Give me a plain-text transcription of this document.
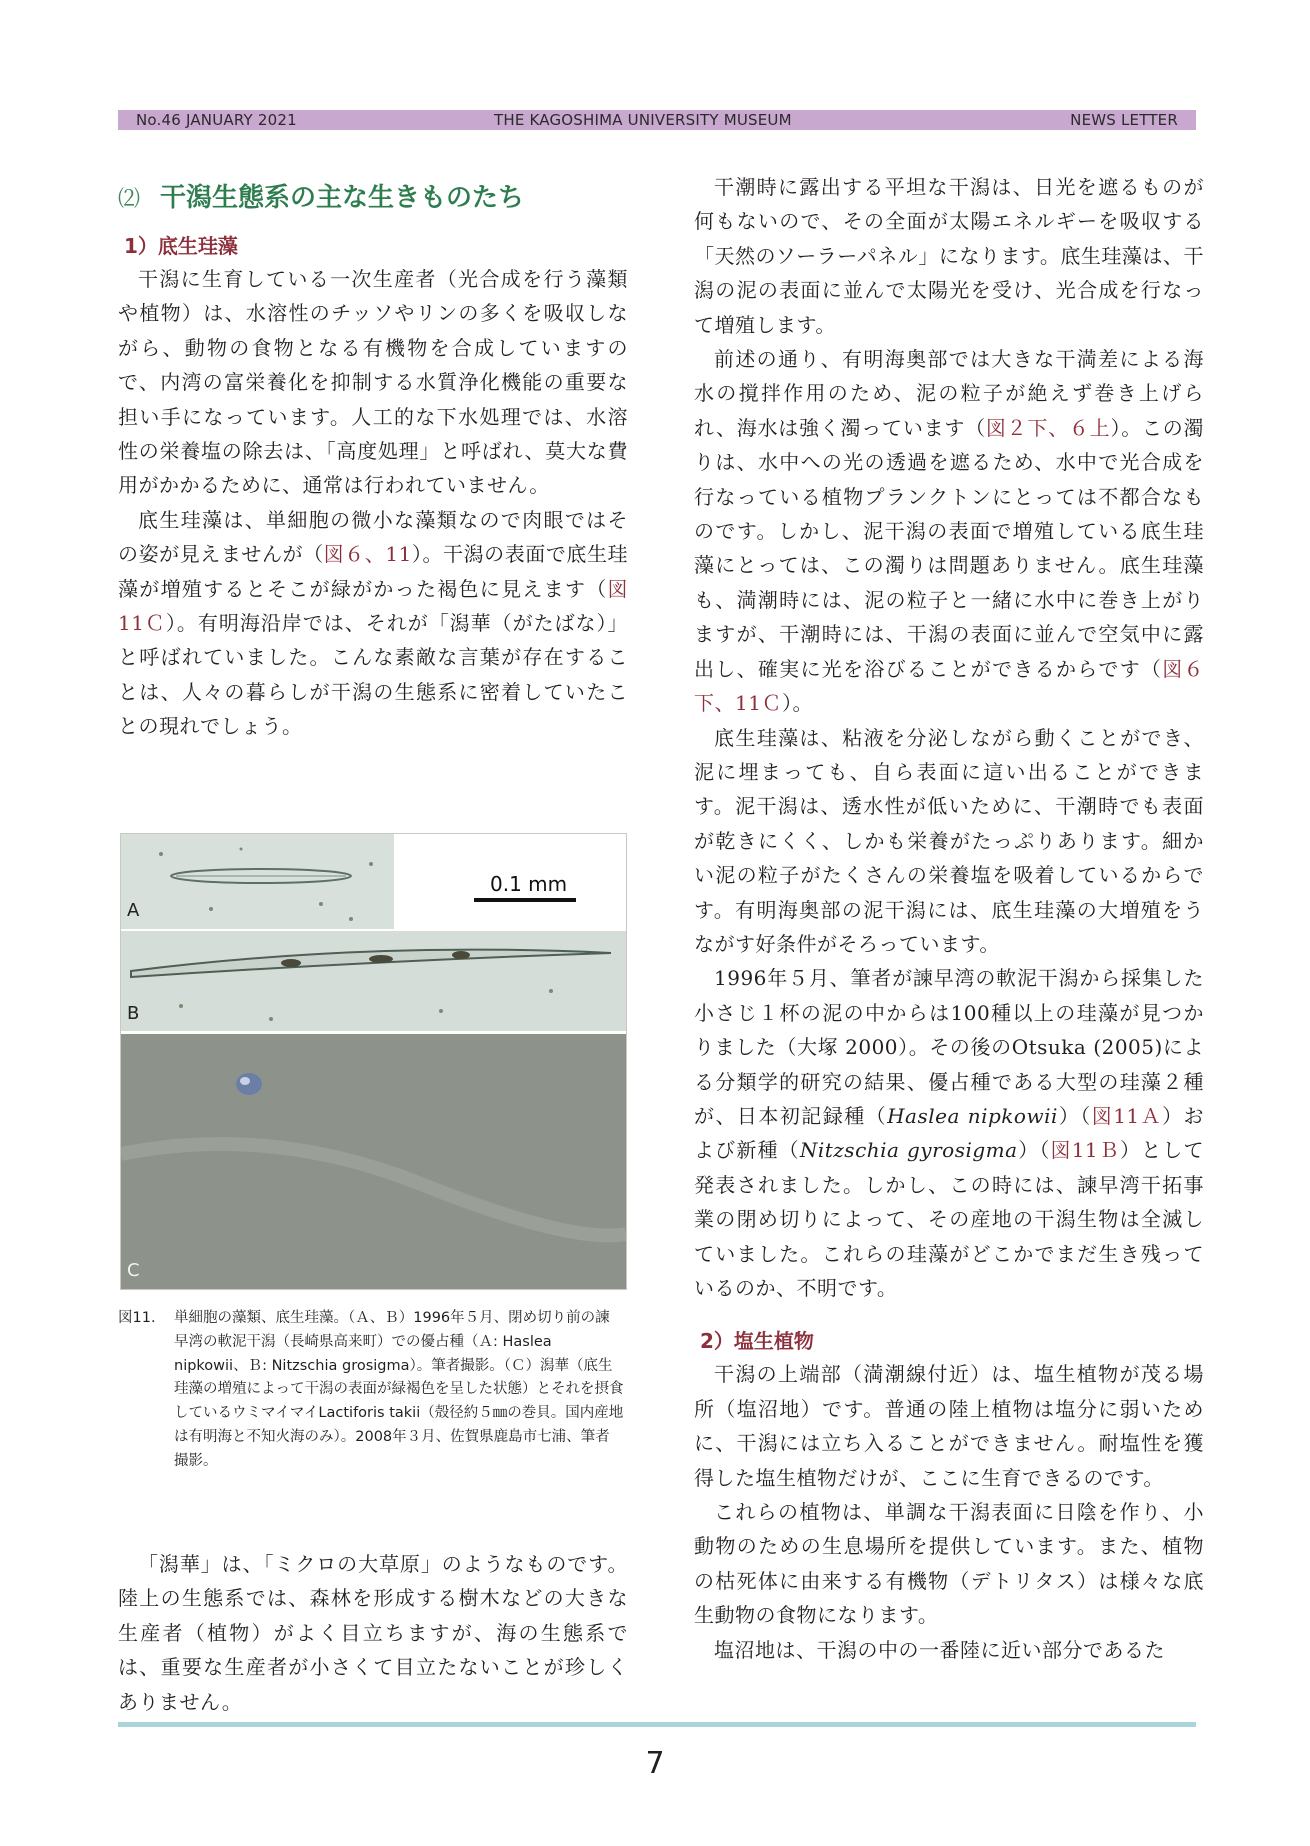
No.46 JANUARY 2021	THE KAGOSHIMA UNIVERSITY MUSEUM	NEWS LETTER
⑵ 干潟生態系の主な生きものたち
1）底生珪藻

干潟に生育している一次生産者（光合成を行う藻類や植物）は、水溶性のチッソやリンの多くを吸収しながら、動物の食物となる有機物を合成していますので、内湾の富栄養化を抑制する水質浄化機能の重要な担い手になっています。人工的な下水処理では、水溶性の栄養塩の除去は、「高度処理」と呼ばれ、莫大な費用がかかるために、通常は行われていません。

底生珪藻は、単細胞の微小な藻類なので肉眼ではその姿が見えませんが（図６、11）。干潟の表面で底生珪藻が増殖するとそこが緑がかった褐色に見えます（図11Ｃ）。有明海沿岸では、それが「潟華（がたばな）」と呼ばれていました。こんな素敵な言葉が存在することは、人々の暮らしが干潟の生態系に密着していたことの現れでしょう。

A
0.1 mm
B
C
図11. 単細胞の藻類、底生珪藻。（Ａ、Ｂ）1996年５月、閉め切り前の諫早湾の軟泥干潟（長崎県高来町）での優占種（Ａ: Haslea nipkowii、Ｂ: Nitzschia grosigma）。筆者撮影。（Ｃ）潟華（底生珪藻の増殖によって干潟の表面が緑褐色を呈した状態）とそれを摂食しているウミマイマイLactiforis takii（殻径約５㎜の巻貝。国内産地は有明海と不知火海のみ）。2008年３月、佐賀県鹿島市七浦、筆者撮影。

「潟華」は、「ミクロの大草原」のようなものです。陸上の生態系では、森林を形成する樹木などの大きな生産者（植物）がよく目立ちますが、海の生態系では、重要な生産者が小さくて目立たないことが珍しくありません。

干潮時に露出する平坦な干潟は、日光を遮るものが何もないので、その全面が太陽エネルギーを吸収する「天然のソーラーパネル」になります。底生珪藻は、干潟の泥の表面に並んで太陽光を受け、光合成を行なって増殖します。

前述の通り、有明海奥部では大きな干満差による海水の撹拌作用のため、泥の粒子が絶えず巻き上げられ、海水は強く濁っています（図２下、６上）。この濁りは、水中への光の透過を遮るため、水中で光合成を行なっている植物プランクトンにとっては不都合なものです。しかし、泥干潟の表面で増殖している底生珪藻にとっては、この濁りは問題ありません。底生珪藻も、満潮時には、泥の粒子と一緒に水中に巻き上がりますが、干潮時には、干潟の表面に並んで空気中に露出し、確実に光を浴びることができるからです（図６下、11Ｃ）。

底生珪藻は、粘液を分泌しながら動くことができ、泥に埋まっても、自ら表面に這い出ることができます。泥干潟は、透水性が低いために、干潮時でも表面が乾きにくく、しかも栄養がたっぷりあります。細かい泥の粒子がたくさんの栄養塩を吸着しているからです。有明海奥部の泥干潟には、底生珪藻の大増殖をうながす好条件がそろっています。

1996年５月、筆者が諫早湾の軟泥干潟から採集した小さじ１杯の泥の中からは100種以上の珪藻が見つかりました（大塚 2000）。その後のOtsuka (2005)による分類学的研究の結果、優占種である大型の珪藻２種が、日本初記録種（Haslea nipkowii）（図11Ａ）および新種（Nitzschia gyrosigma）（図11Ｂ）として発表されました。しかし、この時には、諫早湾干拓事業の閉め切りによって、その産地の干潟生物は全滅していました。これらの珪藻がどこかでまだ生き残っているのか、不明です。

2）塩生植物

干潟の上端部（満潮線付近）は、塩生植物が茂る場所（塩沼地）です。普通の陸上植物は塩分に弱いために、干潟には立ち入ることができません。耐塩性を獲得した塩生植物だけが、ここに生育できるのです。

これらの植物は、単調な干潟表面に日陰を作り、小動物のための生息場所を提供しています。また、植物の枯死体に由来する有機物（デトリタス）は様々な底生動物の食物になります。

塩沼地は、干潟の中の一番陸に近い部分であるた

7
